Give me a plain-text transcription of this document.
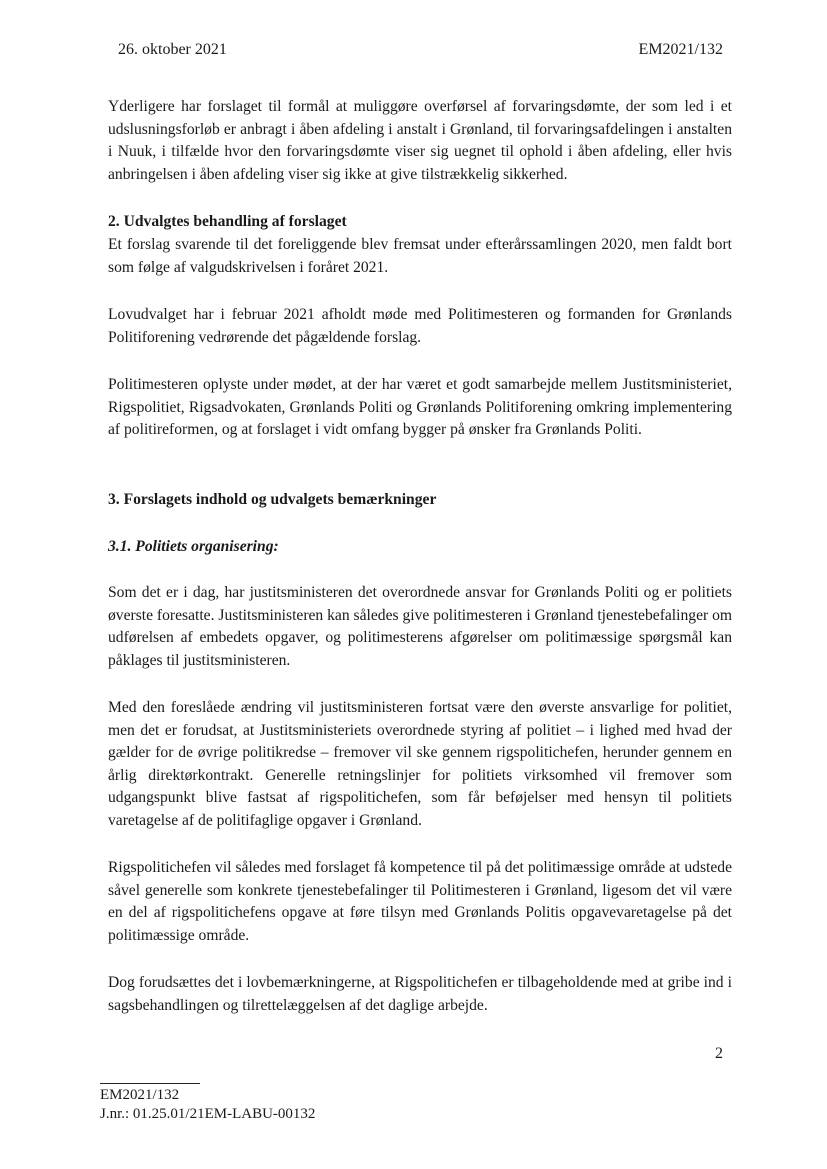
26. oktober 2021	EM2021/132

Yderligere har forslaget til formål at muliggøre overførsel af forvaringsdømte, der som led i et udslusningsforløb er anbragt i åben afdeling i anstalt i Grønland, til forvaringsafdelingen i anstalten i Nuuk, i tilfælde hvor den forvaringsdømte viser sig uegnet til ophold i åben afdeling, eller hvis anbringelsen i åben afdeling viser sig ikke at give tilstrækkelig sikkerhed.

2. Udvalgtes behandling af forslaget

Et forslag svarende til det foreliggende blev fremsat under efterårssamlingen 2020, men faldt bort som følge af valgudskrivelsen i foråret 2021.

Lovudvalget har i februar 2021 afholdt møde med Politimesteren og formanden for Grønlands Politiforening vedrørende det pågældende forslag.

Politimesteren oplyste under mødet, at der har været et godt samarbejde mellem Justitsministeriet, Rigspolitiet, Rigsadvokaten, Grønlands Politi og Grønlands Politiforening omkring implementering af politireformen, og at forslaget i vidt omfang bygger på ønsker fra Grønlands Politi.

3. Forslagets indhold og udvalgets bemærkninger
3.1. Politiets organisering:

Som det er i dag, har justitsministeren det overordnede ansvar for Grønlands Politi og er politiets øverste foresatte. Justitsministeren kan således give politimesteren i Grønland tjenestebefalinger om udførelsen af embedets opgaver, og politimesterens afgørelser om politimæssige spørgsmål kan påklages til justitsministeren.

Med den foreslåede ændring vil justitsministeren fortsat være den øverste ansvarlige for politiet, men det er forudsat, at Justitsministeriets overordnede styring af politiet – i lighed med hvad der gælder for de øvrige politikredse – fremover vil ske gennem rigspolitichefen, herunder gennem en årlig direktørkontrakt. Generelle retningslinjer for politiets virksomhed vil fremover som udgangspunkt blive fastsat af rigspolitichefen, som får beføjelser med hensyn til politiets varetagelse af de politifaglige opgaver i Grønland.

Rigspolitichefen vil således med forslaget få kompetence til på det politimæssige område at udstede såvel generelle som konkrete tjenestebefalinger til Politimesteren i Grønland, ligesom det vil være en del af rigspolitichefens opgave at føre tilsyn med Grønlands Politis opgavevaretagelse på det politimæssige område.

Dog forudsættes det i lovbemærkningerne, at Rigspolitichefen er tilbageholdende med at gribe ind i sagsbehandlingen og tilrettelæggelsen af det daglige arbejde.

2
EM2021/132
J.nr.: 01.25.01/21EM-LABU-00132
